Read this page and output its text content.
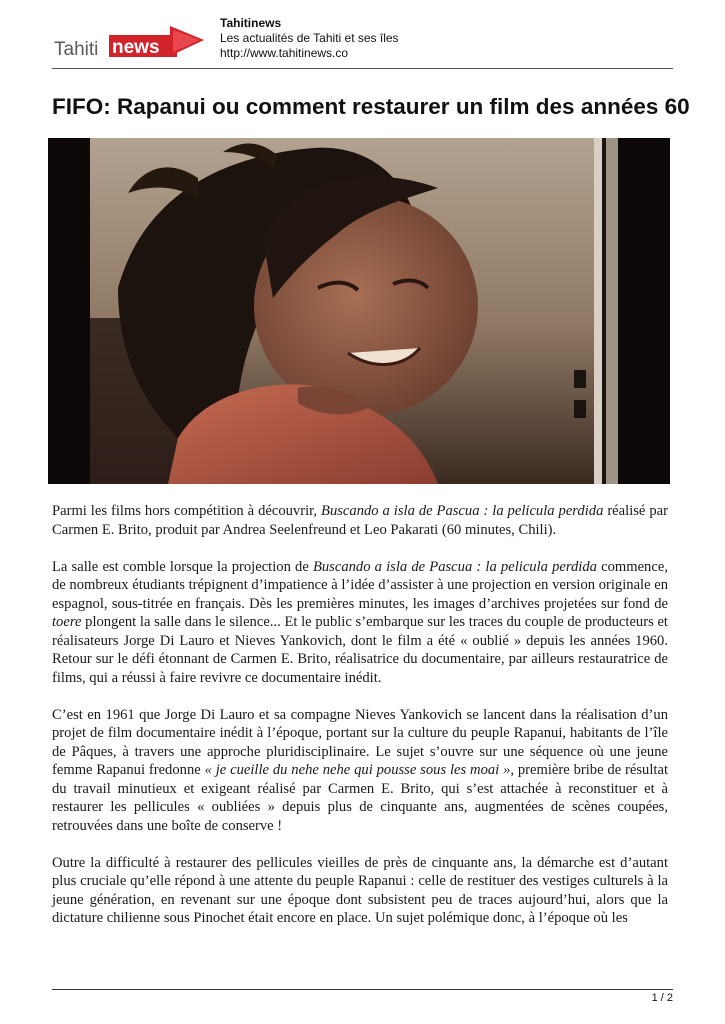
Tahiti news
Tahitinews
Les actualités de Tahiti et ses îles
http://www.tahitinews.co
FIFO: Rapanui ou comment restaurer un film des années 60

Parmi les films hors compétition à découvrir, Buscando a isla de Pascua : la pelicula perdida réalisé par Carmen E. Brito, produit par Andrea Seelenfreund et Leo Pakarati (60 minutes, Chili).

La salle est comble lorsque la projection de Buscando a isla de Pascua : la pelicula perdida commence, de nombreux étudiants trépignent d’impatience à l’idée d’assister à une projection en version originale en espagnol, sous-titrée en français. Dès les premières minutes, les images d’archives projetées sur fond de toere plongent la salle dans le silence... Et le public s’embarque sur les traces du couple de producteurs et réalisateurs Jorge Di Lauro et Nieves Yankovich, dont le film a été « oublié » depuis les années 1960. Retour sur le défi étonnant de Carmen E. Brito, réalisatrice du documentaire, par ailleurs restauratrice de films, qui a réussi à faire revivre ce documentaire inédit.

C’est en 1961 que Jorge Di Lauro et sa compagne Nieves Yankovich se lancent dans la réalisation d’un projet de film documentaire inédit à l’époque, portant sur la culture du peuple Rapanui, habitants de l’île de Pâques, à travers une approche pluridisciplinaire. Le sujet s’ouvre sur une séquence où une jeune femme Rapanui fredonne « je cueille du nehe nehe qui pousse sous les moai », première bribe de résultat du travail minutieux et exigeant réalisé par Carmen E. Brito, qui s’est attachée à reconstituer et à restaurer les pellicules « oubliées » depuis plus de cinquante ans, augmentées de scènes coupées, retrouvées dans une boîte de conserve !

Outre la difficulté à restaurer des pellicules vieilles de près de cinquante ans, la démarche est d’autant plus cruciale qu’elle répond à une attente du peuple Rapanui : celle de restituer des vestiges culturels à la jeune génération, en revenant sur une époque dont subsistent peu de traces aujourd’hui, alors que la dictature chilienne sous Pinochet était encore en place. Un sujet polémique donc, à l’époque où les

1 / 2
